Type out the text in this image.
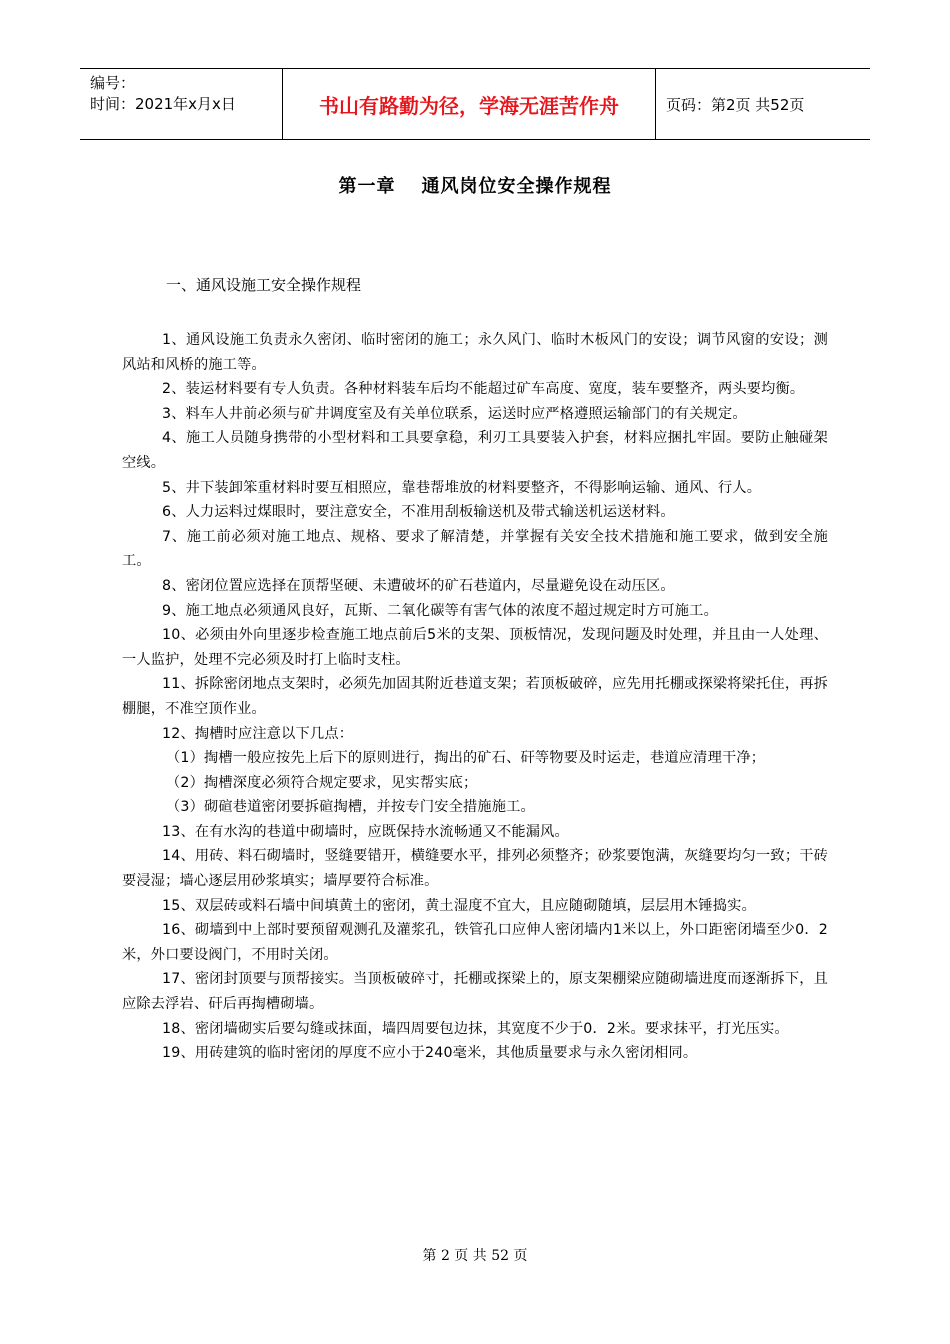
编号：
时间：2021年x月x日	书山有路勤为径，学海无涯苦作舟	页码：第2页 共52页
第一章 通风岗位安全操作规程
一、通风设施工安全操作规程

1、通风设施工负责永久密闭、临时密闭的施工；永久风门、临时木板风门的安设；调节风窗的安设；测风站和风桥的施工等。

2、装运材料要有专人负责。各种材料装车后均不能超过矿车高度、宽度，装车要整齐，两头要均衡。

3、料车人井前必须与矿井调度室及有关单位联系，运送时应严格遵照运输部门的有关规定。

4、施工人员随身携带的小型材料和工具要拿稳，利刃工具要装入护套，材料应捆扎牢固。要防止触碰架空线。

5、井下装卸笨重材料时要互相照应，靠巷帮堆放的材料要整齐，不得影响运输、通风、行人。

6、人力运料过煤眼时，要注意安全，不准用刮板输送机及带式输送机运送材料。

7、施工前必须对施工地点、规格、要求了解清楚，并掌握有关安全技术措施和施工要求，做到安全施工。

8、密闭位置应选择在顶帮坚硬、未遭破坏的矿石巷道内，尽量避免设在动压区。

9、施工地点必须通风良好，瓦斯、二氧化碳等有害气体的浓度不超过规定时方可施工。

10、必须由外向里逐步检查施工地点前后5米的支架、顶板情况，发现问题及时处理，并且由一人处理、一人监护，处理不完必须及时打上临时支柱。

11、拆除密闭地点支架时，必须先加固其附近巷道支架；若顶板破碎，应先用托棚或探梁将梁托住，再拆棚腿，不准空顶作业。

12、掏槽时应注意以下几点：

（1）掏槽一般应按先上后下的原则进行，掏出的矿石、矸等物要及时运走，巷道应清理干净；

（2）掏槽深度必须符合规定要求，见实帮实底；

（3）砌碹巷道密闭要拆碹掏槽，并按专门安全措施施工。

13、在有水沟的巷道中砌墙时，应既保持水流畅通又不能漏风。

14、用砖、料石砌墙时，竖缝要错开，横缝要水平，排列必须整齐；砂浆要饱满，灰缝要均匀一致；干砖要浸湿；墙心逐层用砂浆填实；墙厚要符合标准。

15、双层砖或料石墙中间填黄土的密闭，黄土湿度不宜大，且应随砌随填，层层用木锤捣实。

16、砌墙到中上部时要预留观测孔及灌浆孔，铁管孔口应伸人密闭墙内1米以上，外口距密闭墙至少0．2米，外口要设阀门，不用时关闭。

17、密闭封顶要与顶帮接实。当顶板破碎寸，托棚或探梁上的，原支架棚梁应随砌墙进度而逐渐拆下，且应除去浮岩、矸后再掏槽砌墙。

18、密闭墙砌实后要勾缝或抹面，墙四周要包边抹，其宽度不少于0．2米。要求抹平，打光压实。

19、用砖建筑的临时密闭的厚度不应小于240毫米，其他质量要求与永久密闭相同。

第 2 页 共 52 页
